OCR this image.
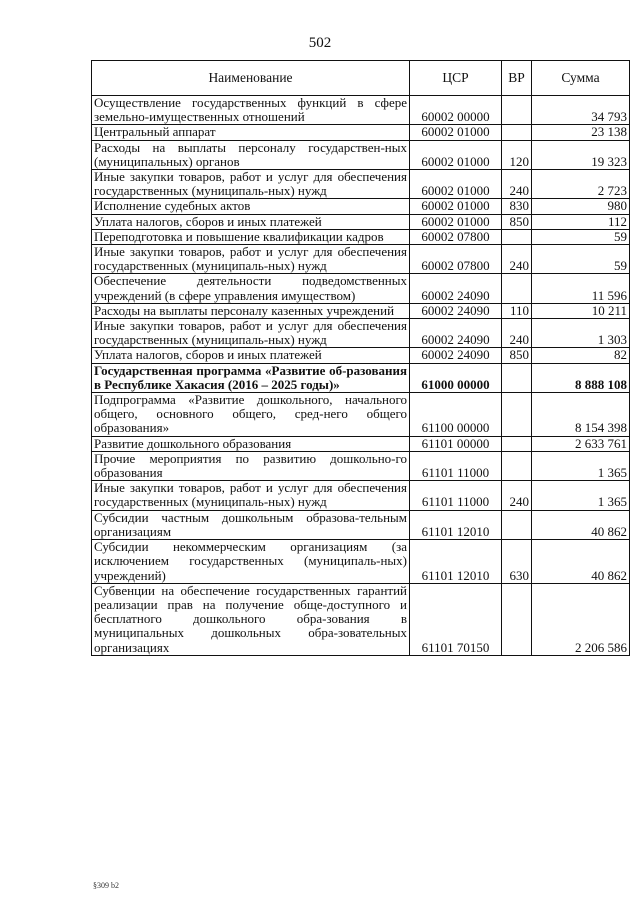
502
Наименование	ЦСР	ВР	Сумма
Осуществление государственных функций в сфере земельно-имущественных отношений	60002 00000		34 793
Центральный аппарат	60002 01000		23 138
Расходы на выплаты персоналу государствен-ных (муниципальных) органов	60002 01000	120	19 323
Иные закупки товаров, работ и услуг для обеспечения государственных (муниципаль-ных) нужд	60002 01000	240	2 723
Исполнение судебных актов	60002 01000	830	980
Уплата налогов, сборов и иных платежей	60002 01000	850	112
Переподготовка и повышение квалификации кадров	60002 07800		59
Иные закупки товаров, работ и услуг для обеспечения государственных (муниципаль-ных) нужд	60002 07800	240	59
Обеспечение деятельности подведомственных учреждений (в сфере управления имуществом)	60002 24090		11 596
Расходы на выплаты персоналу казенных учреждений	60002 24090	110	10 211
Иные закупки товаров, работ и услуг для обеспечения государственных (муниципаль-ных) нужд	60002 24090	240	1 303
Уплата налогов, сборов и иных платежей	60002 24090	850	82
Государственная программа «Развитие об-разования в Республике Хакасия (2016 – 2025 годы)»	61000 00000		8 888 108
Подпрограмма «Развитие дошкольного, начального общего, основного общего, сред-него общего образования»	61100 00000		8 154 398
Развитие дошкольного образования	61101 00000		2 633 761
Прочие мероприятия по развитию дошкольно-го образования	61101 11000		1 365
Иные закупки товаров, работ и услуг для обеспечения государственных (муниципаль-ных) нужд	61101 11000	240	1 365
Субсидии частным дошкольным образова-тельным организациям	61101 12010		40 862
Субсидии некоммерческим организациям (за исключением государственных (муниципаль-ных) учреждений)	61101 12010	630	40 862
Субвенции на обеспечение государственных гарантий реализации прав на получение обще-доступного и бесплатного дошкольного обра-зования в муниципальных дошкольных обра-зовательных организациях	61101 70150		2 206 586
§309 b2
